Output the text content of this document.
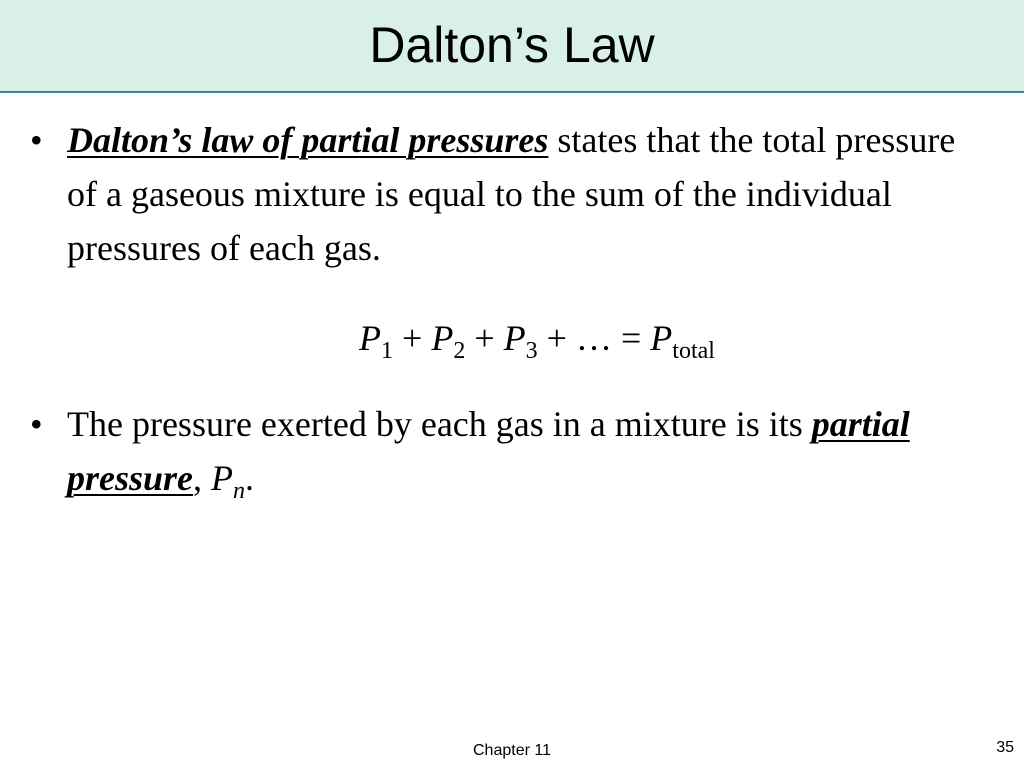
Dalton’s Law
• Dalton’s law of partial pressures states that the total pressure of a gaseous mixture is equal to the sum of the individual pressures of each gas.
$P_1 + P_2 + P_3$ + … = $P_{total}$
• The pressure exerted by each gas in a mixture is its partial pressure, $P_n$.
Chapter 11	35
